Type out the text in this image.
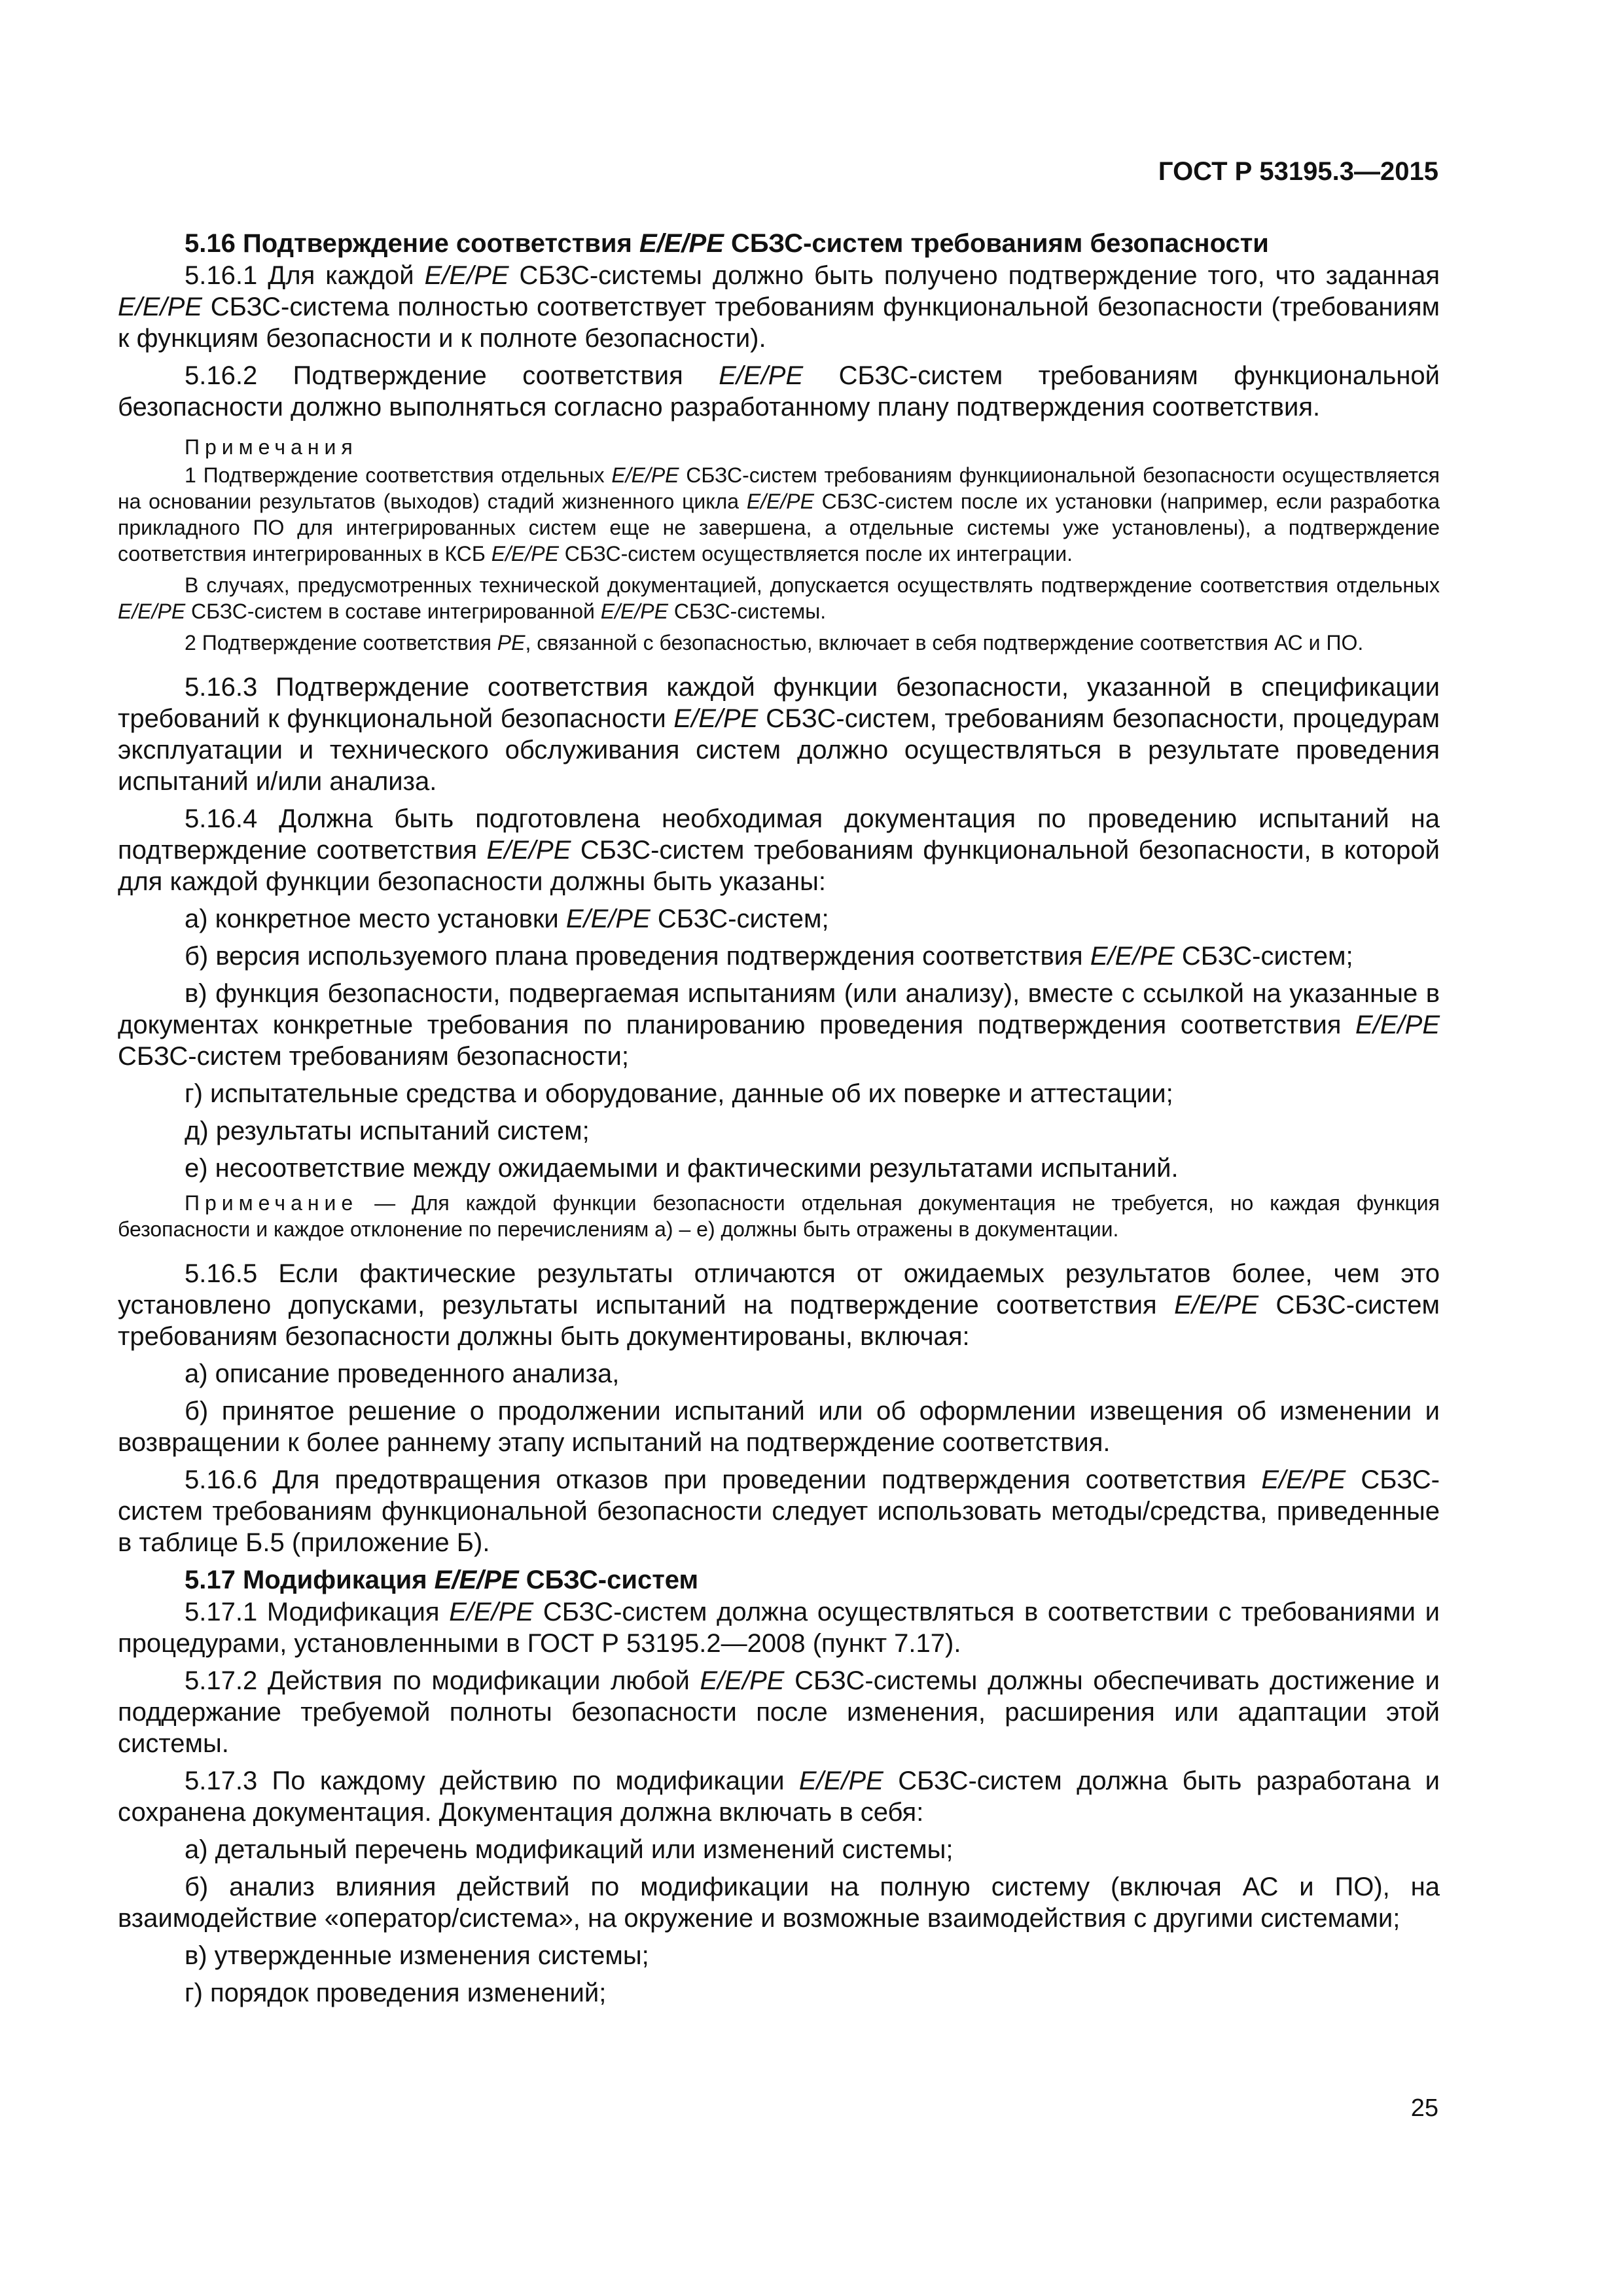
ГОСТ Р 53195.3—2015

5.16 Подтверждение соответствия E/E/PE СБЗС-систем требованиям безопасности

5.16.1 Для каждой E/E/PE СБЗС-системы должно быть получено подтверждение того, что заданная E/E/PE СБЗС-система полностью соответствует требованиям функциональной безопасности (требованиям к функциям безопасности и к полноте безопасности).

5.16.2 Подтверждение соответствия E/E/PE СБЗС-систем требованиям функциональной безопасности должно выполняться согласно разработанному плану подтверждения соответствия.

Примечания

1 Подтверждение соответствия отдельных E/E/PE СБЗС-систем требованиям функцииональной безопасности осуществляется на основании результатов (выходов) стадий жизненного цикла E/E/PE СБЗС-систем после их установки (например, если разработка прикладного ПО для интегрированных систем еще не завершена, а отдельные системы уже установлены), а подтверждение соответствия интегрированных в КСБ E/E/PE СБЗС-систем осуществляется после их интеграции.

В случаях, предусмотренных технической документацией, допускается осуществлять подтверждение соответствия отдельных E/E/PE СБЗС-систем в составе интегрированной E/E/PE СБЗС-системы.

2 Подтверждение соответствия PE, связанной с безопасностью, включает в себя подтверждение соответствия АС и ПО.

5.16.3 Подтверждение соответствия каждой функции безопасности, указанной в спецификации требований к функциональной безопасности E/E/PE СБЗС-систем, требованиям безопасности, процедурам эксплуатации и технического обслуживания систем должно осуществляться в результате проведения испытаний и/или анализа.

5.16.4 Должна быть подготовлена необходимая документация по проведению испытаний на подтверждение соответствия E/E/PE СБЗС-систем требованиям функциональной безопасности, в которой для каждой функции безопасности должны быть указаны:

а) конкретное место установки E/E/PE СБЗС-систем;

б) версия используемого плана проведения подтверждения соответствия E/E/PE СБЗС-систем;

в) функция безопасности, подвергаемая испытаниям (или анализу), вместе с ссылкой на указанные в документах конкретные требования по планированию проведения подтверждения соответствия E/E/PE СБЗС-систем требованиям безопасности;

г) испытательные средства и оборудование, данные об их поверке и аттестации;

д) результаты испытаний систем;

е) несоответствие между ожидаемыми и фактическими результатами испытаний.

Примечание — Для каждой функции безопасности отдельная документация не требуется, но каждая функция безопасности и каждое отклонение по перечислениям а) – е) должны быть отражены в документации.

5.16.5 Если фактические результаты отличаются от ожидаемых результатов более, чем это установлено допусками, результаты испытаний на подтверждение соответствия E/E/PE СБЗС-систем требованиям безопасности должны быть документированы, включая:

а) описание проведенного анализа,

б) принятое решение о продолжении испытаний или об оформлении извещения об изменении и возвращении к более раннему этапу испытаний на подтверждение соответствия.

5.16.6 Для предотвращения отказов при проведении подтверждения соответствия E/E/PE СБЗС-систем требованиям функциональной безопасности следует использовать методы/средства, приведенные в таблице Б.5 (приложение Б).

5.17 Модификация E/E/PE СБЗС-систем

5.17.1 Модификация E/E/PE СБЗС-систем должна осуществляться в соответствии с требованиями и процедурами, установленными в ГОСТ Р 53195.2—2008 (пункт 7.17).

5.17.2 Действия по модификации любой E/E/PE СБЗС-системы должны обеспечивать достижение и поддержание требуемой полноты безопасности после изменения, расширения или адаптации этой системы.

5.17.3 По каждому действию по модификации E/E/PE СБЗС-систем должна быть разработана и сохранена документация. Документация должна включать в себя:

а) детальный перечень модификаций или изменений системы;

б) анализ влияния действий по модификации на полную систему (включая АС и ПО), на взаимодействие «оператор/система», на окружение и возможные взаимодействия с другими системами;

в) утвержденные изменения системы;

г) порядок проведения изменений;

25
